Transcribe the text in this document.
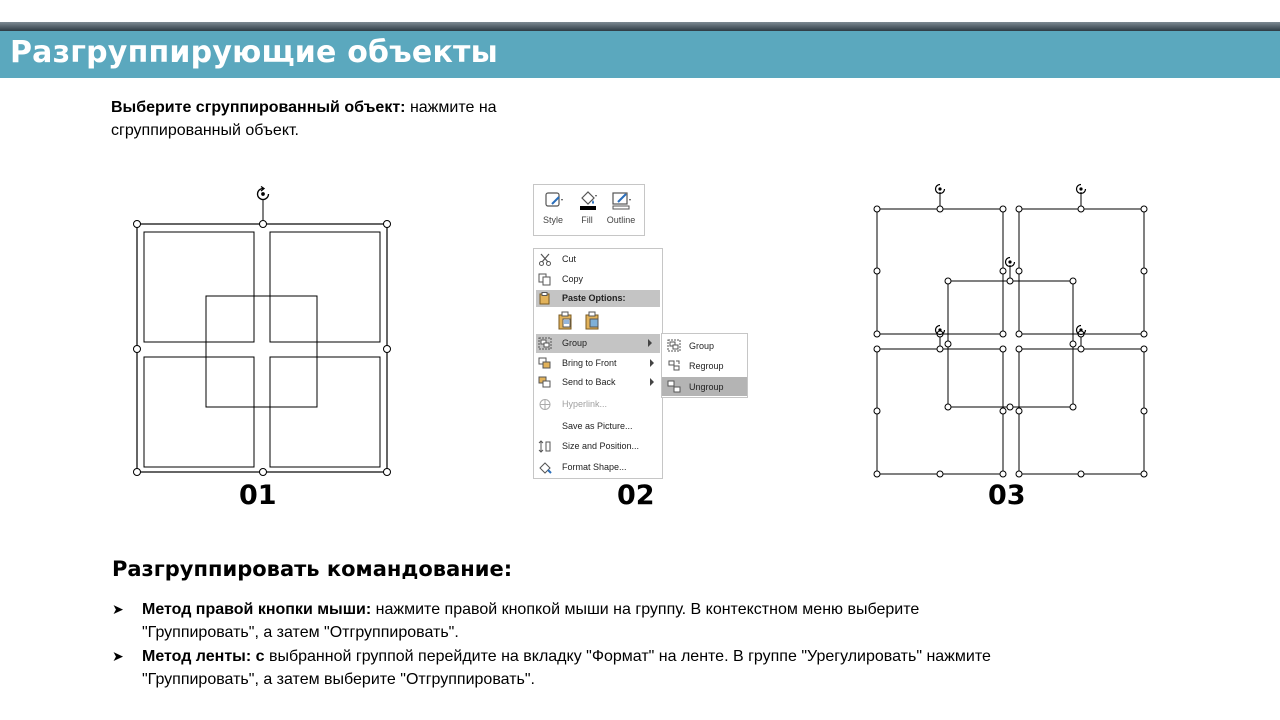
Разгруппирующие объекты
Выберите сгруппированный объект: нажмите на сгруппированный объект.
01
Style	Fill	Outline
Cut
Copy
Paste Options:
Group
Bring to Front
Send to Back
Hyperlink...
Save as Picture...
Size and Position...
Format Shape...
Group
Regroup
Ungroup
02	03
Разгруппировать командование:
➤ Метод правой кнопки мыши: нажмите правой кнопкой мыши на группу. В контекстном меню выберите "Группировать", а затем "Отгруппировать".
➤ Метод ленты: с выбранной группой перейдите на вкладку "Формат" на ленте. В группе "Урегулировать" нажмите "Группировать", а затем выберите "Отгруппировать".
